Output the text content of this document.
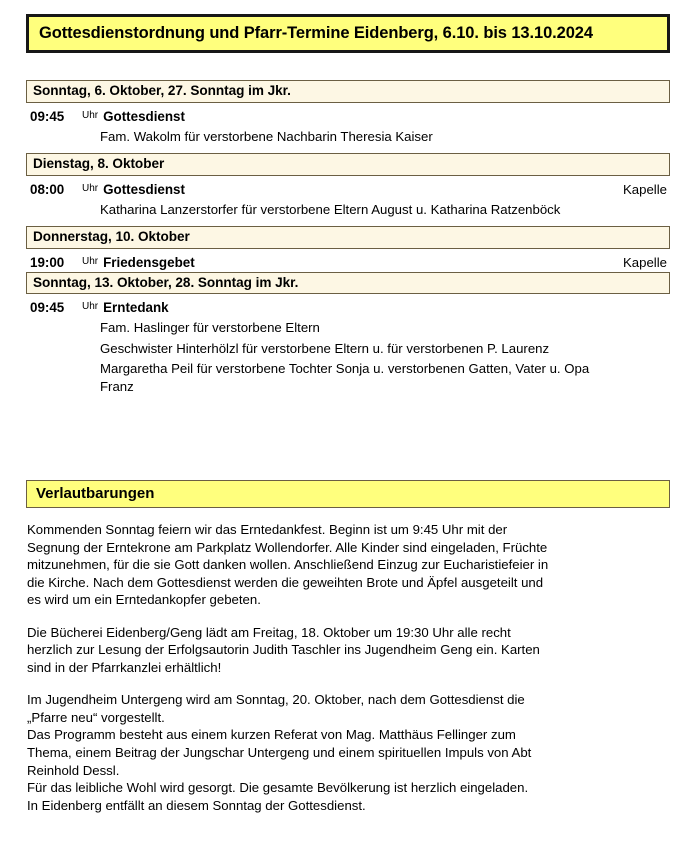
Gottesdienstordnung und Pfarr-Termine Eidenberg, 6.10. bis 13.10.2024
Sonntag, 6. Oktober, 27. Sonntag im Jkr.
09:45	Uhr Gottesdienst
Fam. Wakolm für verstorbene Nachbarin Theresia Kaiser
Dienstag, 8. Oktober
08:00	Uhr Gottesdienst	Kapelle
Katharina Lanzerstorfer für verstorbene Eltern August u. Katharina Ratzenböck
Donnerstag, 10. Oktober
19:00	Uhr Friedensgebet	Kapelle
Sonntag, 13. Oktober, 28. Sonntag im Jkr.
09:45	Uhr Erntedank
Fam. Haslinger für verstorbene Eltern
Geschwister Hinterhölzl für verstorbene Eltern u. für verstorbenen P. Laurenz
Margaretha Peil für verstorbene Tochter Sonja u. verstorbenen Gatten, Vater u. Opa Franz
Verlautbarungen

Kommenden Sonntag feiern wir das Erntedankfest. Beginn ist um 9:45 Uhr mit der
Segnung der Erntekrone am Parkplatz Wollendorfer. Alle Kinder sind eingeladen, Früchte
mitzunehmen, für die sie Gott danken wollen. Anschließend Einzug zur Eucharistiefeier in
die Kirche. Nach dem Gottesdienst werden die geweihten Brote und Äpfel ausgeteilt und
es wird um ein Erntedankopfer gebeten.

Die Bücherei Eidenberg/Geng lädt am Freitag, 18. Oktober um 19:30 Uhr alle recht
herzlich zur Lesung der Erfolgsautorin Judith Taschler ins Jugendheim Geng ein. Karten
sind in der Pfarrkanzlei erhältlich!

Im Jugendheim Untergeng wird am Sonntag, 20. Oktober, nach dem Gottesdienst die
„Pfarre neu“ vorgestellt.
Das Programm besteht aus einem kurzen Referat von Mag. Matthäus Fellinger zum
Thema, einem Beitrag der Jungschar Untergeng und einem spirituellen Impuls von Abt
Reinhold Dessl.
Für das leibliche Wohl wird gesorgt. Die gesamte Bevölkerung ist herzlich eingeladen.
In Eidenberg entfällt an diesem Sonntag der Gottesdienst.
